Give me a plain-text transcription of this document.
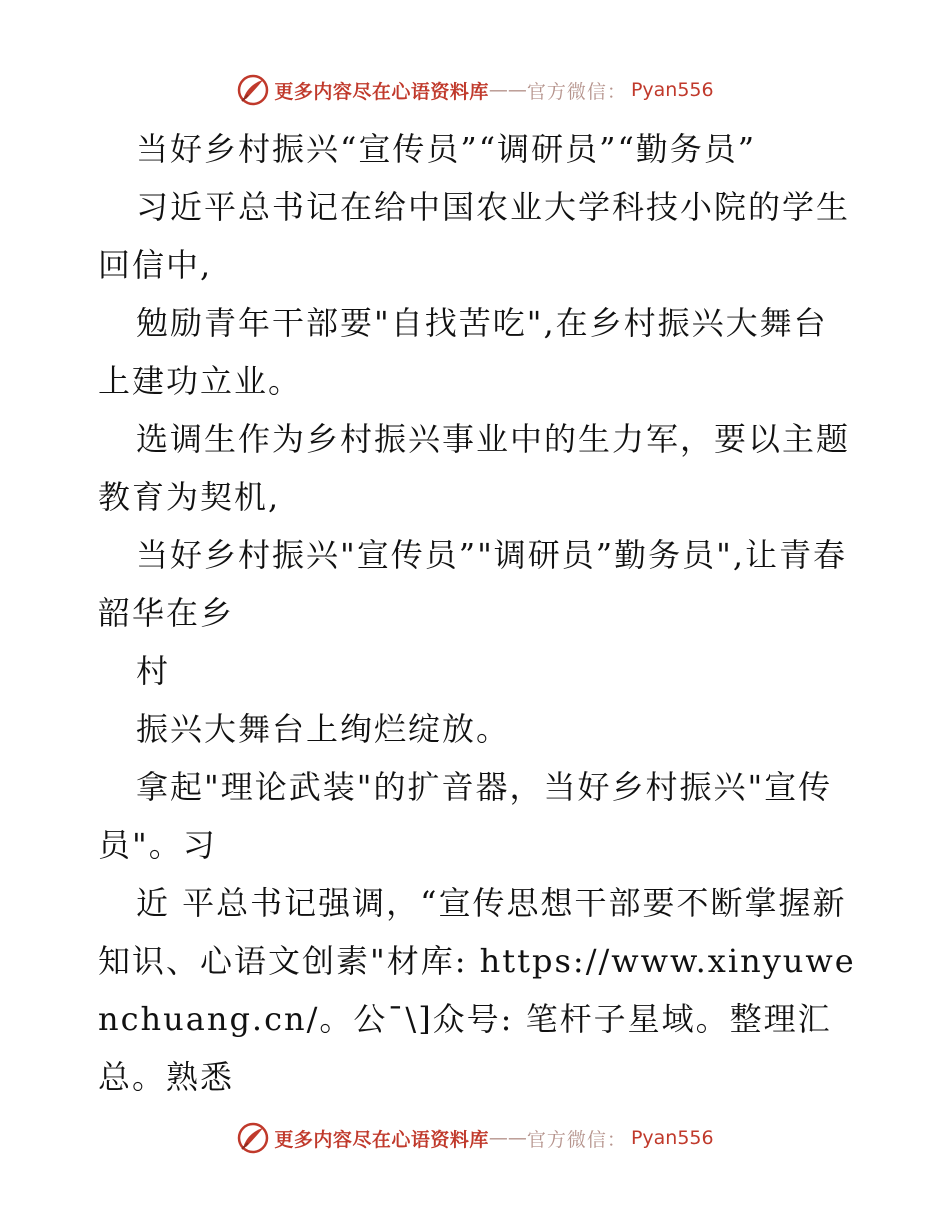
更多内容尽在心语资料库 —— 官方微信： Pyan556

当好乡村振兴“宣传员”“调研员”“勤务员”

习近平总书记在给中国农业大学科技小院的学生回信中,

勉励青年干部要"自找苦吃",在乡村振兴大舞台上建功立业。

选调生作为乡村振兴事业中的生力军，要以主题教育为契机,

当好乡村振兴"宣传员”"调研员”勤务员",让青春韶华在乡

村

振兴大舞台上绚烂绽放。

拿起"理论武装"的扩音器，当好乡村振兴"宣传员"。习

近 平总书记强调，“宣传思想干部要不断掌握新知识、心语文创素"材库: https://www.xinyuwenchuang.cn/。公¯\]众号: 笔杆子星域。整理汇总。熟悉

更多内容尽在心语资料库 —— 官方微信： Pyan556
